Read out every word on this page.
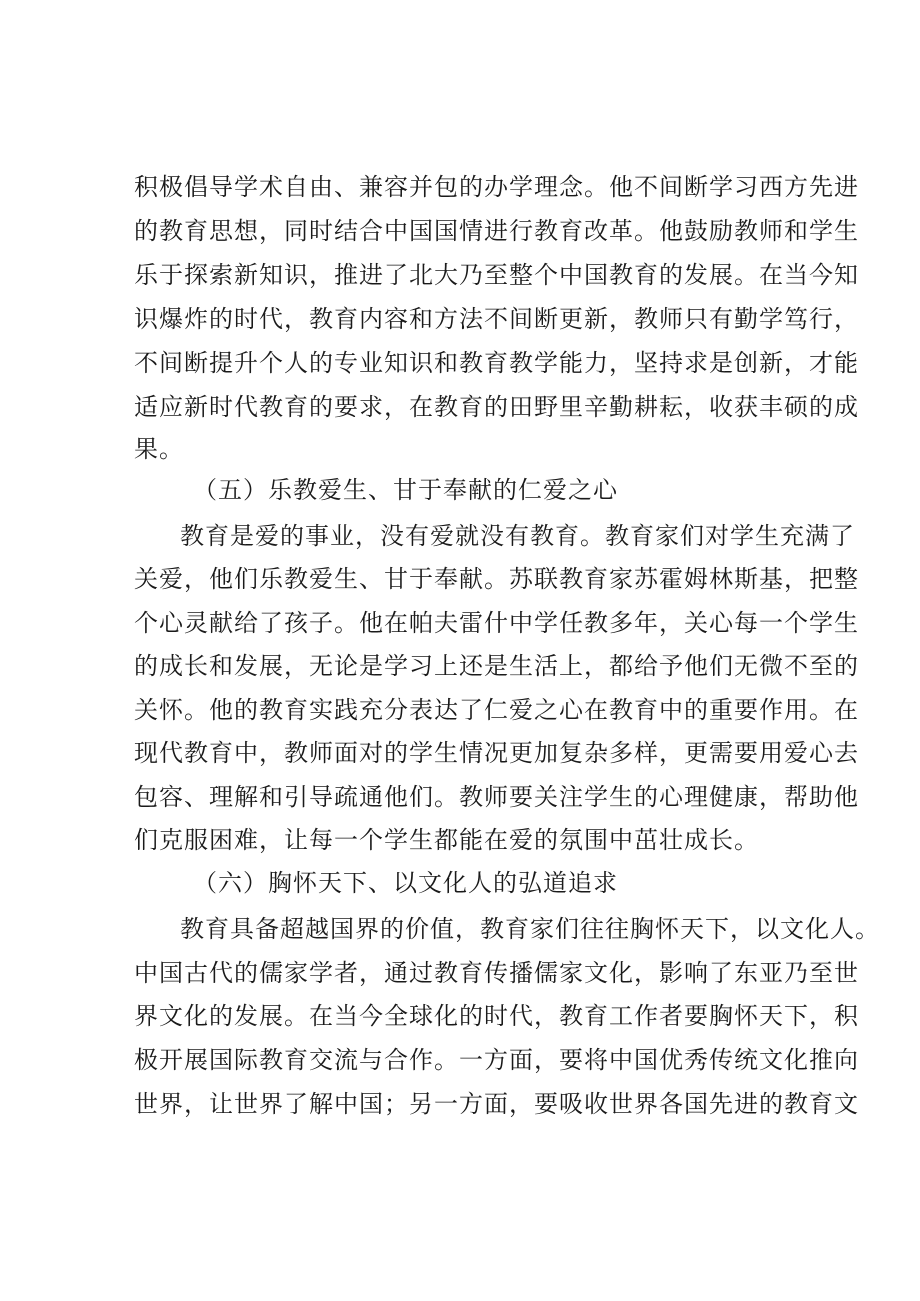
积极倡导学术自由、兼容并包的办学理念。他不间断学习西方先进
的教育思想，同时结合中国国情进行教育改革。他鼓励教师和学生
乐于探索新知识，推进了北大乃至整个中国教育的发展。在当今知
识爆炸的时代，教育内容和方法不间断更新，教师只有勤学笃行，
不间断提升个人的专业知识和教育教学能力，坚持求是创新，才能
适应新时代教育的要求，在教育的田野里辛勤耕耘，收获丰硕的成
果。
（五）乐教爱生、甘于奉献的仁爱之心
教育是爱的事业，没有爱就没有教育。教育家们对学生充满了
关爱，他们乐教爱生、甘于奉献。苏联教育家苏霍姆林斯基，把整
个心灵献给了孩子。他在帕夫雷什中学任教多年，关心每一个学生
的成长和发展，无论是学习上还是生活上，都给予他们无微不至的
关怀。他的教育实践充分表达了仁爱之心在教育中的重要作用。在
现代教育中，教师面对的学生情况更加复杂多样，更需要用爱心去
包容、理解和引导疏通他们。教师要关注学生的心理健康，帮助他
们克服困难，让每一个学生都能在爱的氛围中茁壮成长。
（六）胸怀天下、以文化人的弘道追求
教育具备超越国界的价值，教育家们往往胸怀天下，以文化人。
中国古代的儒家学者，通过教育传播儒家文化，影响了东亚乃至世
界文化的发展。在当今全球化的时代，教育工作者要胸怀天下，积
极开展国际教育交流与合作。一方面，要将中国优秀传统文化推向
世界，让世界了解中国；另一方面，要吸收世界各国先进的教育文
